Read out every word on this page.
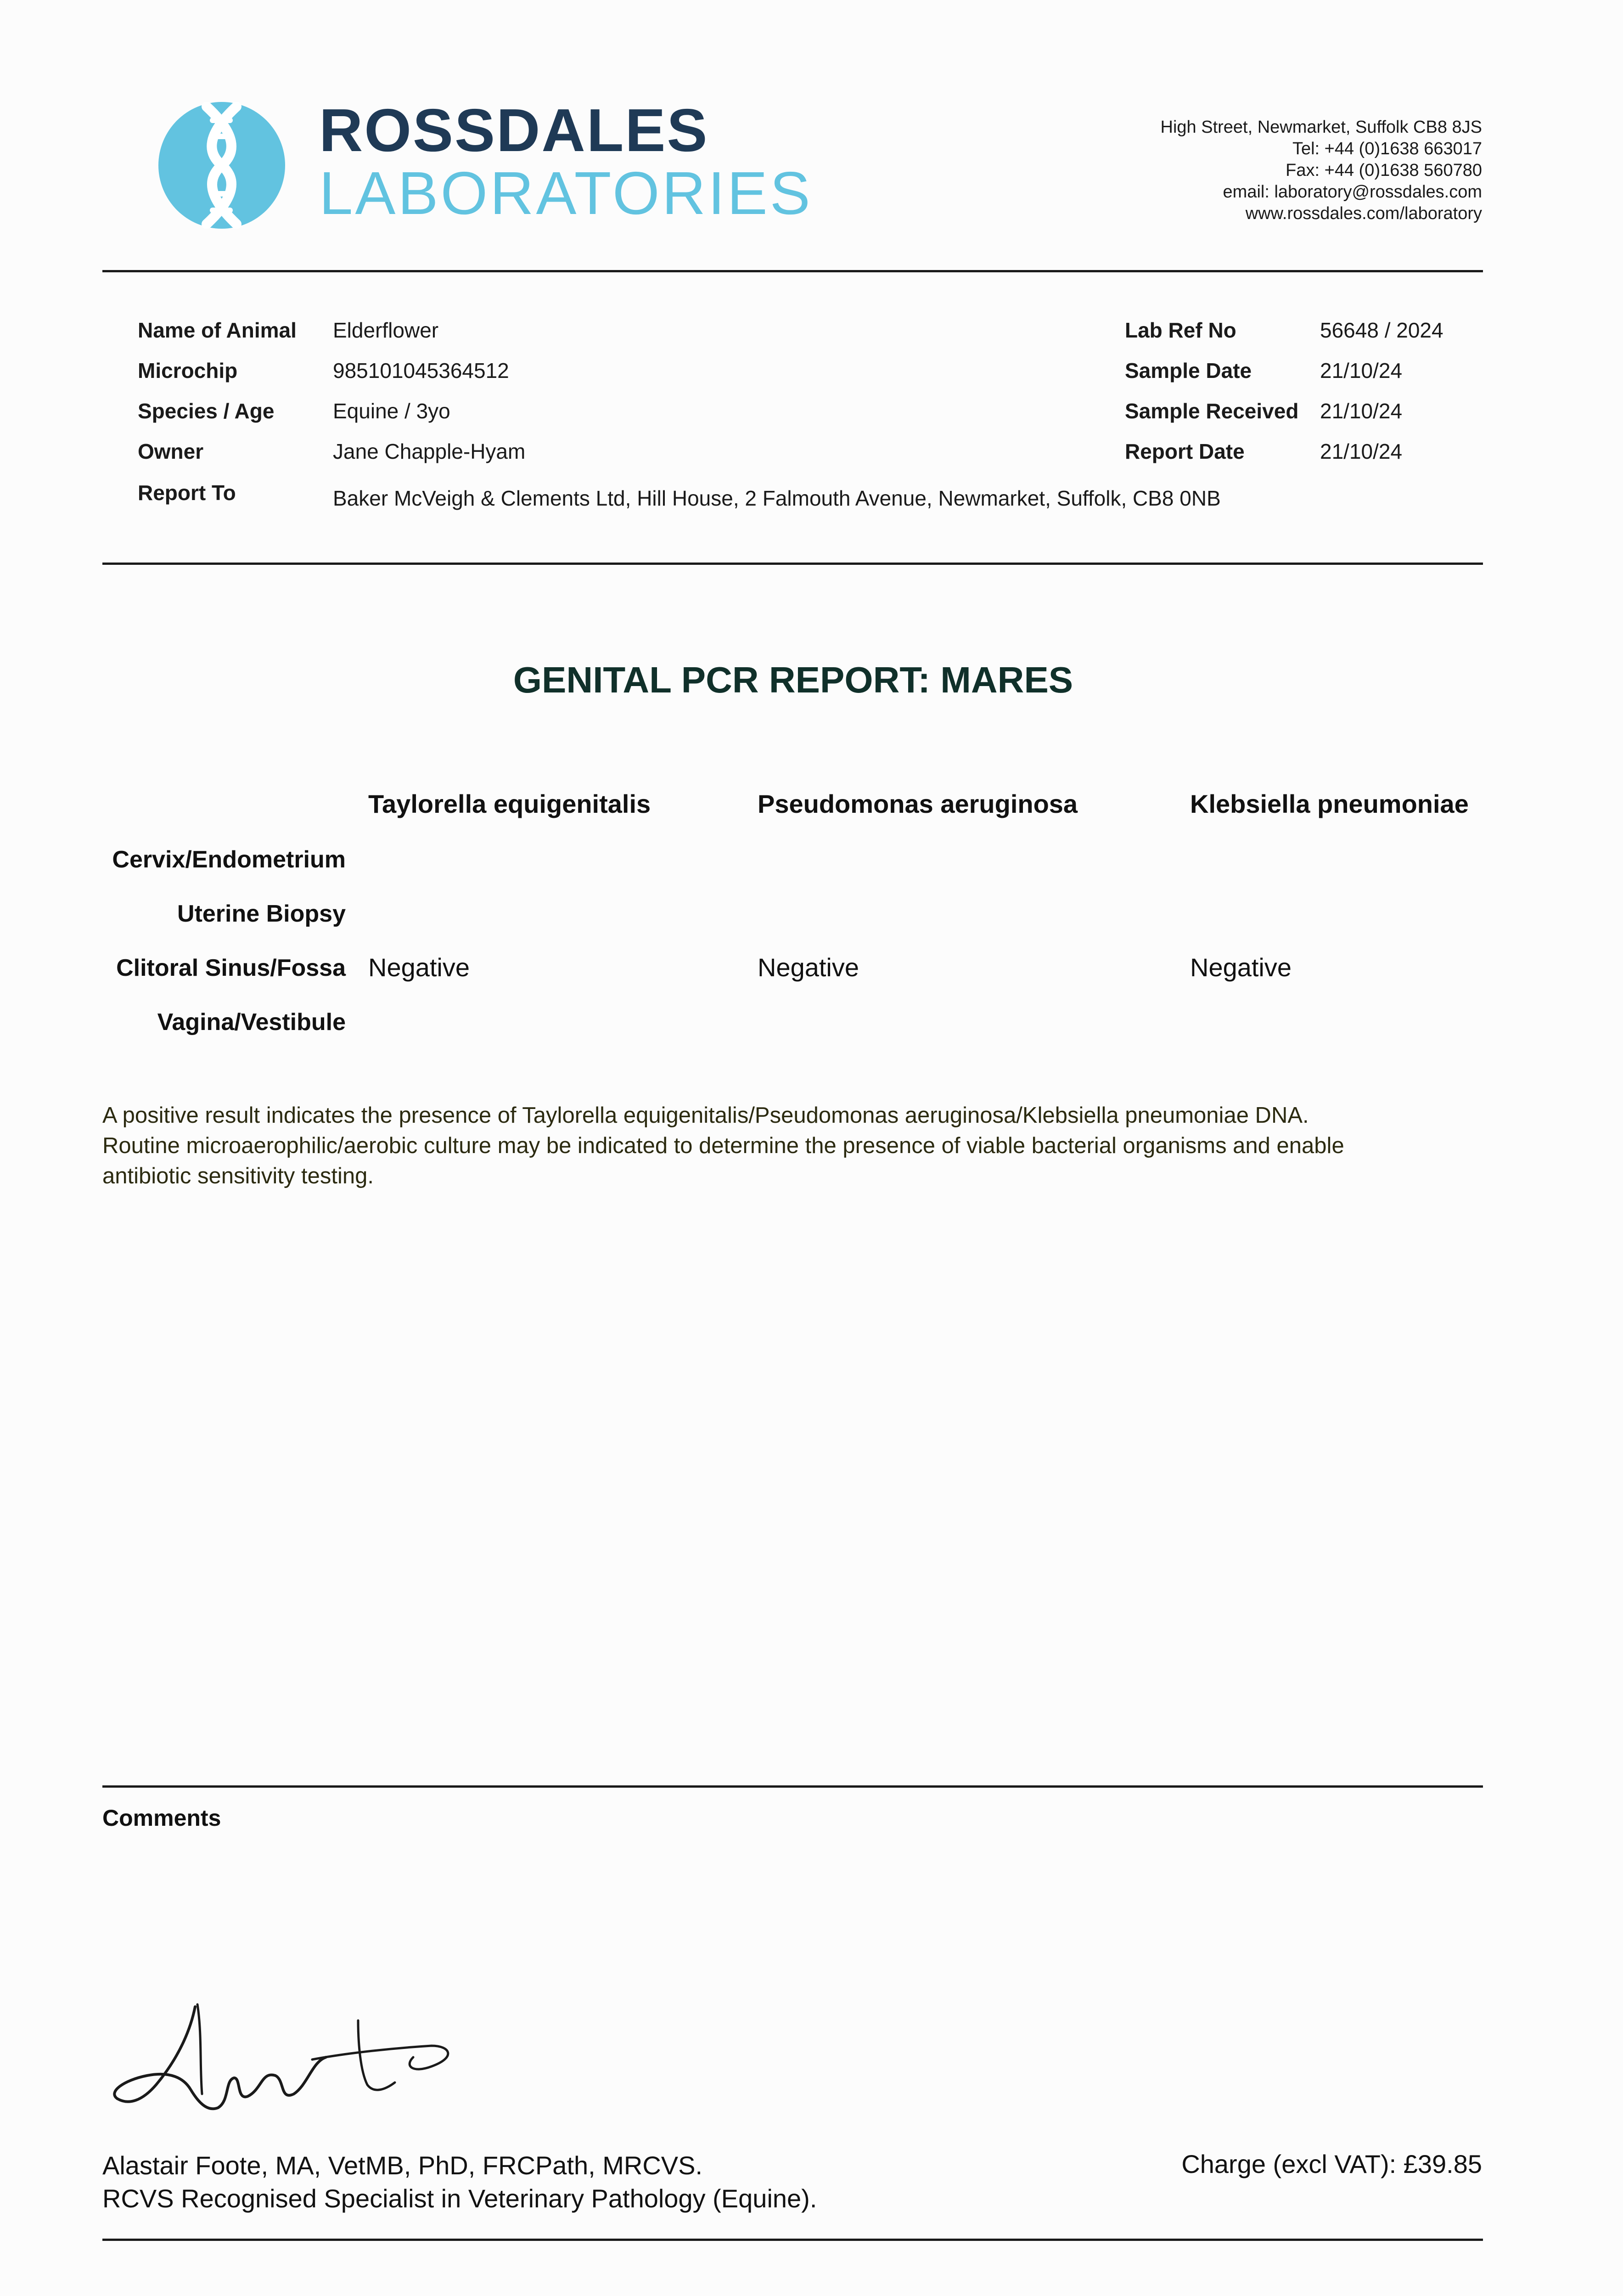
ROSSDALES
LABORATORIES
High Street, Newmarket, Suffolk CB8 8JS
Tel: +44 (0)1638 663017
Fax: +44 (0)1638 560780
email: laboratory@rossdales.com
www.rossdales.com/laboratory
Name of Animal Elderflower
Microchip	985101045364512
Species / Age	Equine / 3yo
Owner	Jane Chapple-Hyam
Report To	Baker McVeigh & Clements Ltd, Hill House, 2 Falmouth Avenue, Newmarket, Suffolk, CB8 0NB
Lab Ref No	56648 / 2024
Sample Date	21/10/24
Sample Received 21/10/24
Report Date	21/10/24
GENITAL PCR REPORT: MARES
Taylorella equigenitalis	Pseudomonas aeruginosa	Klebsiella pneumoniae
Cervix/Endometrium
Uterine Biopsy
Clitoral Sinus/Fossa Negative	Negative	Negative
Vagina/Vestibule
A positive result indicates the presence of Taylorella equigenitalis/Pseudomonas aeruginosa/Klebsiella pneumoniae DNA.
Routine microaerophilic/aerobic culture may be indicated to determine the presence of viable bacterial organisms and enable
antibiotic sensitivity testing.
Comments
Alastair Foote, MA, VetMB, PhD, FRCPath, MRCVS.
RCVS Recognised Specialist in Veterinary Pathology (Equine).
Charge (excl VAT): £39.85
